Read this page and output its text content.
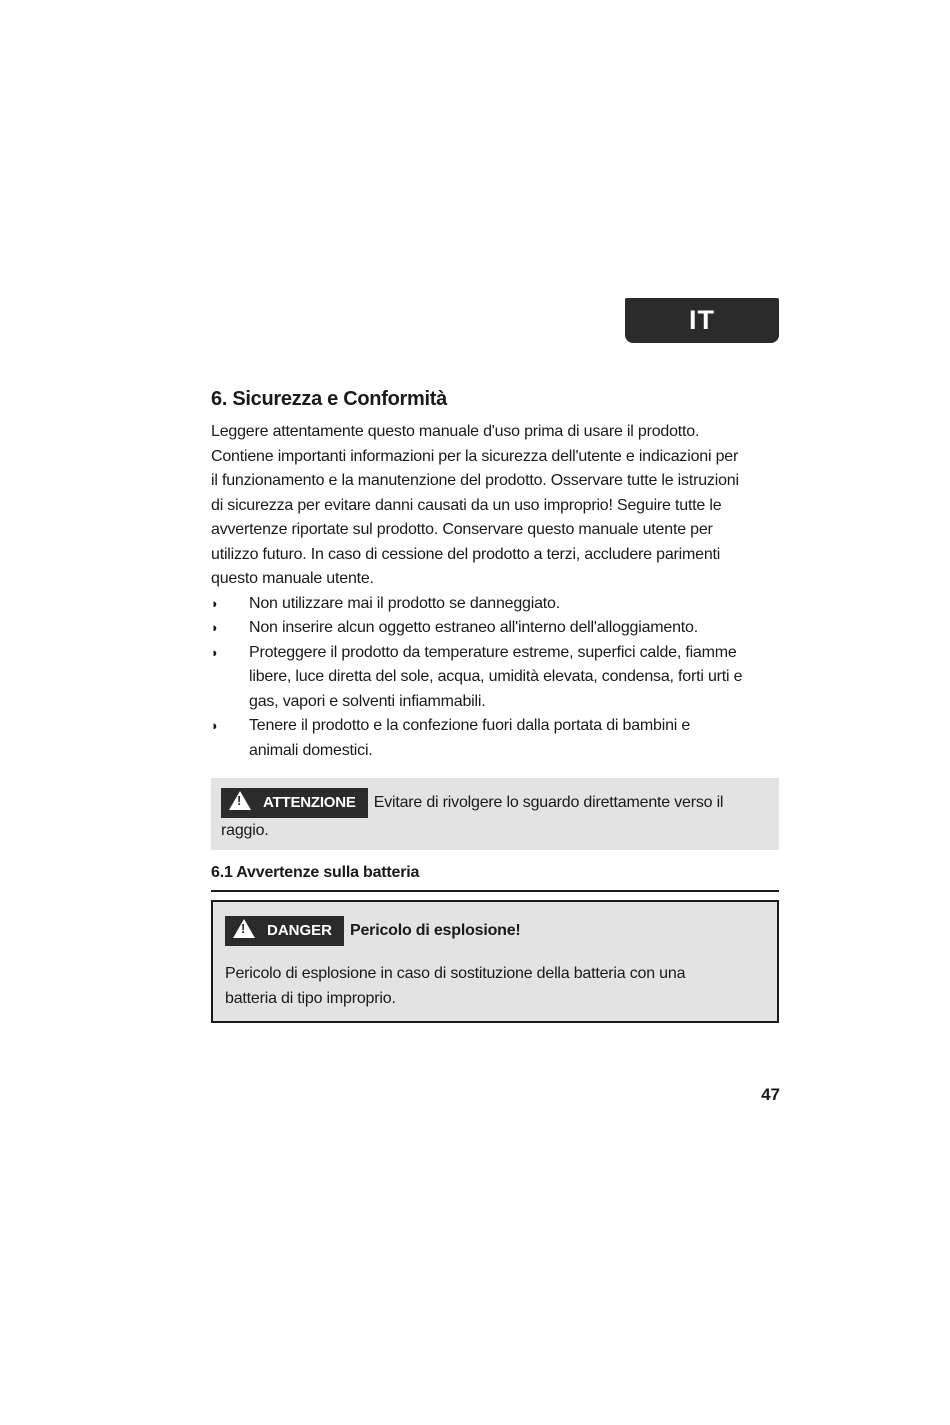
IT
6. Sicurezza e Conformità

Leggere attentamente questo manuale d'uso prima di usare il prodotto.
Contiene importanti informazioni per la sicurezza dell'utente e indicazioni per
il funzionamento e la manutenzione del prodotto. Osservare tutte le istruzioni
di sicurezza per evitare danni causati da un uso improprio! Seguire tutte le
avvertenze riportate sul prodotto. Conservare questo manuale utente per
utilizzo futuro. In caso di cessione del prodotto a terzi, accludere parimenti
questo manuale utente.

◗ Non utilizzare mai il prodotto se danneggiato.
◗ Non inserire alcun oggetto estraneo all'interno dell'alloggiamento.
◗ Proteggere il prodotto da temperature estreme, superfici calde, fiamme
libere, luce diretta del sole, acqua, umidità elevata, condensa, forti urti e
gas, vapori e solventi infiammabili.
◗ Tenere il prodotto e la confezione fuori dalla portata di bambini e
animali domestici.
!ATTENZIONE Evitare di rivolgere lo sguardo direttamente verso il raggio.
6.1 Avvertenze sulla batteria
!DANGER	Pericolo di esplosione!

Pericolo di esplosione in caso di sostituzione della batteria con una
batteria di tipo improprio.

47
